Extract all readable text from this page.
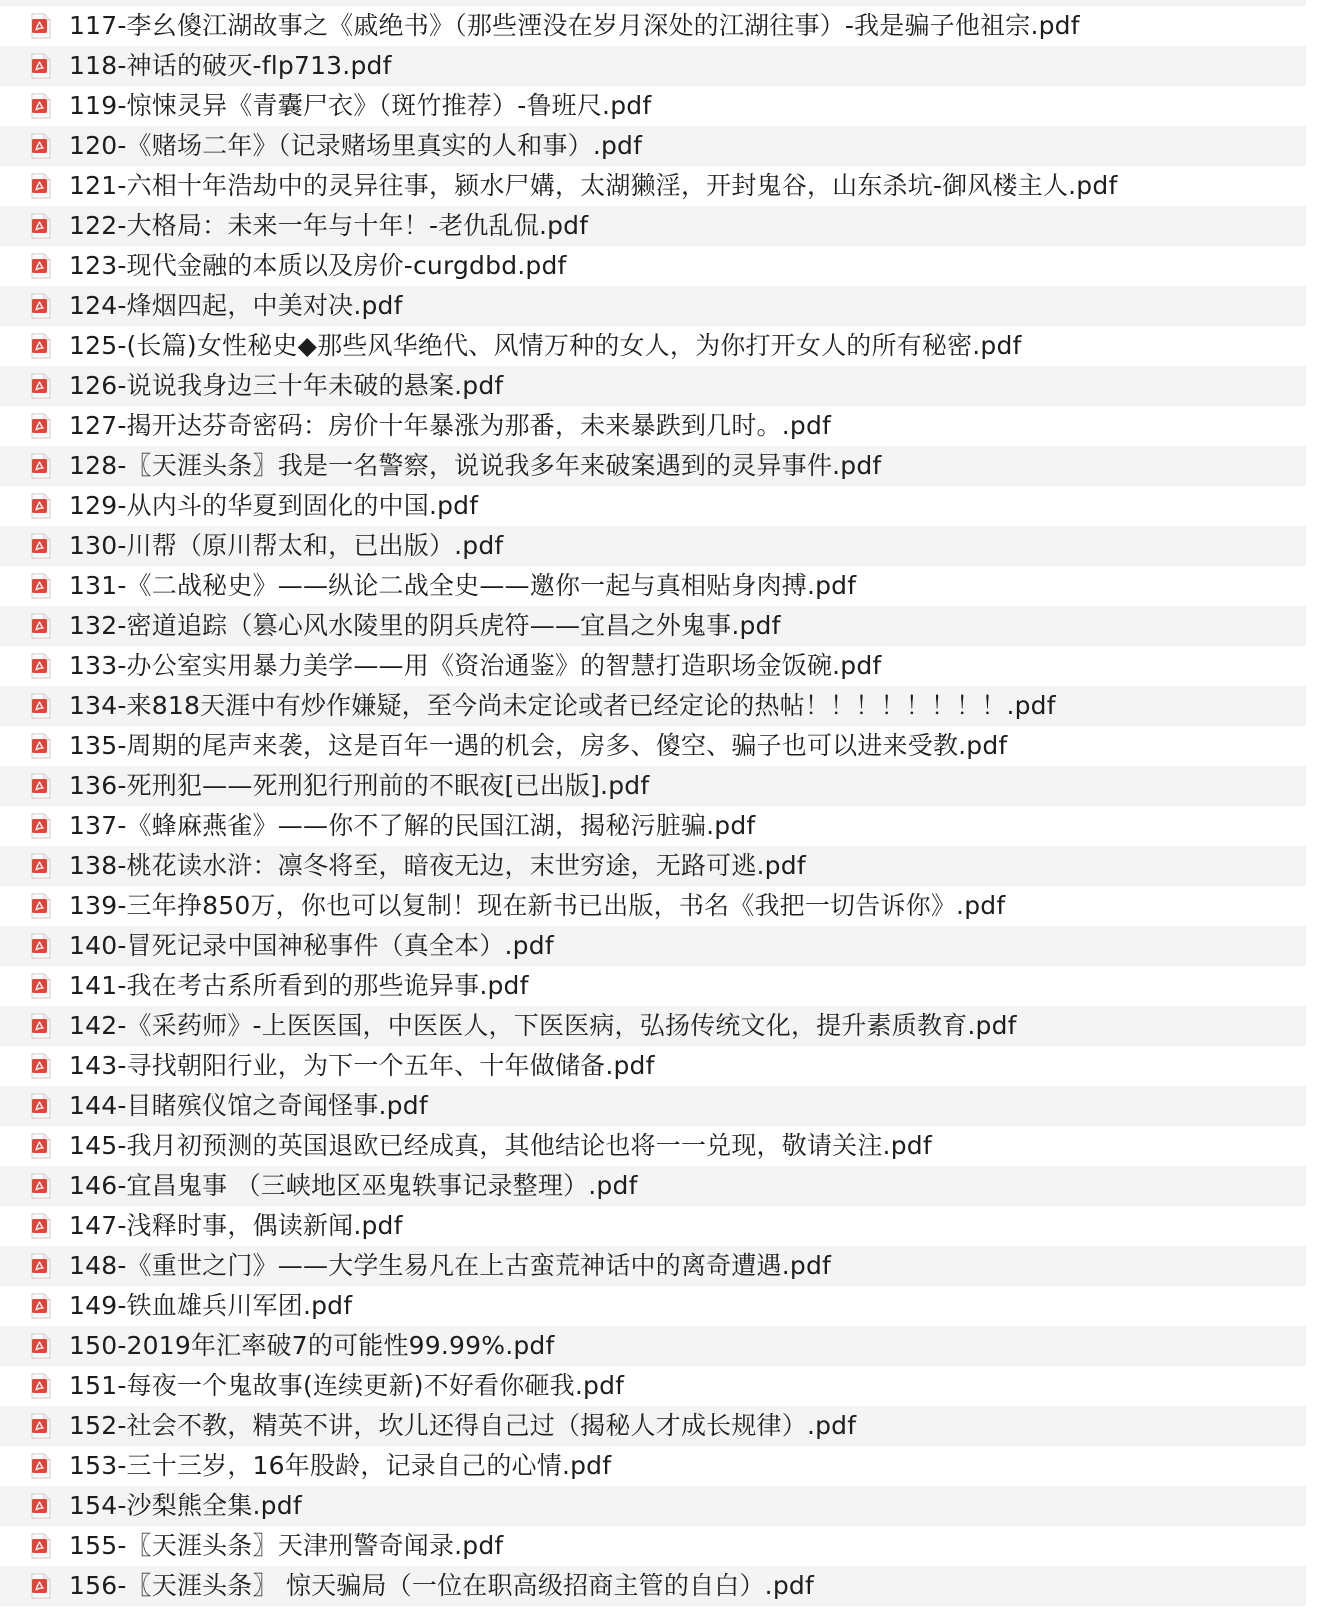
117-李幺傻江湖故事之《戚绝书》（那些湮没在岁月深处的江湖往事）-我是骗子他祖宗.pdf
118-神话的破灭-flp713.pdf
119-惊悚灵异《青囊尸衣》（斑竹推荐）-鲁班尺.pdf
120-《赌场二年》（记录赌场里真实的人和事）.pdf
121-六相十年浩劫中的灵异往事，颍水尸媾，太湖獭淫，开封鬼谷，山东杀坑-御风楼主人.pdf
122-大格局：未来一年与十年！-老仇乱侃.pdf
123-现代金融的本质以及房价-curgdbd.pdf
124-烽烟四起，中美对决.pdf
125-(长篇)女性秘史◆那些风华绝代、风情万种的女人，为你打开女人的所有秘密.pdf
126-说说我身边三十年未破的悬案.pdf
127-揭开达芬奇密码：房价十年暴涨为那番，未来暴跌到几时。.pdf
128-〖天涯头条〗我是一名警察，说说我多年来破案遇到的灵异事件.pdf
129-从内斗的华夏到固化的中国.pdf
130-川帮（原川帮太和，已出版）.pdf
131-《二战秘史》——纵论二战全史——邀你一起与真相贴身肉搏.pdf
132-密道追踪（篡心风水陵里的阴兵虎符——宜昌之外鬼事.pdf
133-办公室实用暴力美学——用《资治通鉴》的智慧打造职场金饭碗.pdf
134-来818天涯中有炒作嫌疑，至今尚未定论或者已经定论的热帖！！！！！！！！.pdf
135-周期的尾声来袭，这是百年一遇的机会，房多、傻空、骗子也可以进来受教.pdf
136-死刑犯——死刑犯行刑前的不眠夜[已出版].pdf
137-《蜂麻燕雀》——你不了解的民国江湖，揭秘污脏骗.pdf
138-桃花读水浒：凛冬将至，暗夜无边，末世穷途，无路可逃.pdf
139-三年挣850万，你也可以复制！现在新书已出版，书名《我把一切告诉你》.pdf
140-冒死记录中国神秘事件（真全本）.pdf
141-我在考古系所看到的那些诡异事.pdf
142-《采药师》-上医医国，中医医人，下医医病，弘扬传统文化，提升素质教育.pdf
143-寻找朝阳行业，为下一个五年、十年做储备.pdf
144-目睹殡仪馆之奇闻怪事.pdf
145-我月初预测的英国退欧已经成真，其他结论也将一一兑现，敬请关注.pdf
146-宜昌鬼事 （三峡地区巫鬼轶事记录整理）.pdf
147-浅释时事，偶读新闻.pdf
148-《重世之门》——大学生易凡在上古蛮荒神话中的离奇遭遇.pdf
149-铁血雄兵川军团.pdf
150-2019年汇率破7的可能性99.99%.pdf
151-每夜一个鬼故事(连续更新)不好看你砸我.pdf
152-社会不教，精英不讲，坎儿还得自己过（揭秘人才成长规律）.pdf
153-三十三岁，16年股龄，记录自己的心情.pdf
154-沙梨熊全集.pdf
155-〖天涯头条〗天津刑警奇闻录.pdf
156-〖天涯头条〗 惊天骗局（一位在职高级招商主管的自白）.pdf
